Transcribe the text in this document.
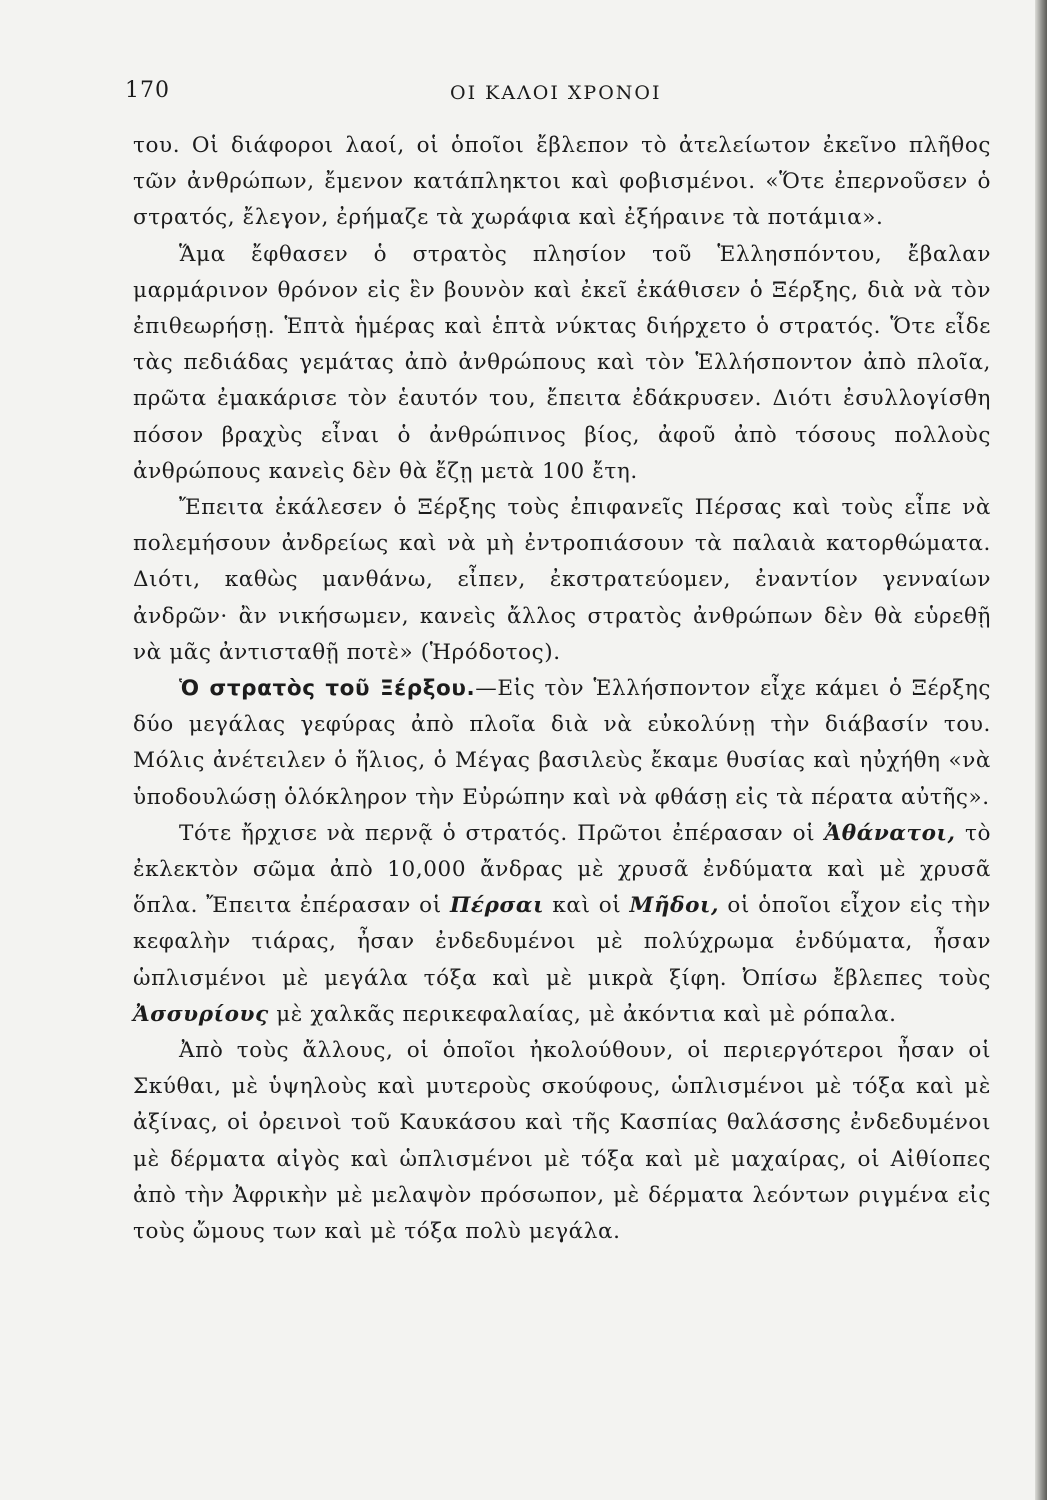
170	ΟΙ ΚΑΛΟΙ ΧΡΟΝΟΙ

του. Οἱ διάφοροι λαοί, οἱ ὁποῖοι ἔβλεπον τὸ ἀτελείωτον ἐκεῖνο πλῆθος τῶν ἀνθρώπων, ἔμενον κατάπληκτοι καὶ φοβισμένοι. «Ὅτε ἐπερνοῦσεν ὁ στρατός, ἔλεγον, ἐρήμαζε τὰ χωράφια καὶ ἐξήραινε τὰ ποτάμια».

Ἅμα ἔφθασεν ὁ στρατὸς πλησίον τοῦ Ἑλλησπόντου, ἔβαλαν μαρμάρινον θρόνον εἰς ἓν βουνὸν καὶ ἐκεῖ ἐκάθισεν ὁ Ξέρξης, διὰ νὰ τὸν ἐπιθεωρήσῃ. Ἑπτὰ ἡμέρας καὶ ἑπτὰ νύκτας διήρχετο ὁ στρατός. Ὅτε εἶδε τὰς πεδιάδας γεμάτας ἀπὸ ἀνθρώπους καὶ τὸν Ἑλλήσποντον ἀπὸ πλοῖα, πρῶτα ἐμακάρισε τὸν ἑαυτόν του, ἔπειτα ἐδάκρυσεν. Διότι ἐσυλλογίσθη πόσον βραχὺς εἶναι ὁ ἀνθρώπινος βίος, ἀφοῦ ἀπὸ τόσους πολλοὺς ἀνθρώπους κανεὶς δὲν θὰ ἔζῃ μετὰ 100 ἔτη.

Ἔπειτα ἐκάλεσεν ὁ Ξέρξης τοὺς ἐπιφανεῖς Πέρσας καὶ τοὺς εἶπε νὰ πολεμήσουν ἀνδρείως καὶ νὰ μὴ ἐντροπιάσουν τὰ παλαιὰ κατορθώματα. Διότι, καθὼς μανθάνω, εἶπεν, ἐκστρατεύομεν, ἐναντίον γενναίων ἀνδρῶν· ἂν νικήσωμεν, κανεὶς ἄλλος στρατὸς ἀνθρώπων δὲν θὰ εὑρεθῇ νὰ μᾶς ἀντισταθῇ ποτὲ» (Ἡρόδοτος).

Ὁ στρατὸς τοῦ Ξέρξου.—Εἰς τὸν Ἑλλήσποντον εἶχε κάμει ὁ Ξέρξης δύο μεγάλας γεφύρας ἀπὸ πλοῖα διὰ νὰ εὐκολύνῃ τὴν διάβασίν του. Μόλις ἀνέτειλεν ὁ ἥλιος, ὁ Μέγας βασιλεὺς ἔκαμε θυσίας καὶ ηὐχήθη «νὰ ὑποδουλώσῃ ὁλόκληρον τὴν Εὐρώπην καὶ νὰ φθάσῃ εἰς τὰ πέρατα αὐτῆς».

Τότε ἤρχισε νὰ περνᾷ ὁ στρατός. Πρῶτοι ἐπέρασαν οἱ Ἀθάνατοι, τὸ ἐκλεκτὸν σῶμα ἀπὸ 10,000 ἄνδρας μὲ χρυσᾶ ἐνδύματα καὶ μὲ χρυσᾶ ὅπλα. Ἔπειτα ἐπέρασαν οἱ Πέρσαι καὶ οἱ Μῆδοι, οἱ ὁποῖοι εἶχον εἰς τὴν κεφαλὴν τιάρας, ἦσαν ἐνδεδυμένοι μὲ πολύχρωμα ἐνδύματα, ἦσαν ὡπλισμένοι μὲ μεγάλα τόξα καὶ μὲ μικρὰ ξίφη. Ὀπίσω ἔβλεπες τοὺς Ἀσσυρίους μὲ χαλκᾶς περικεφαλαίας, μὲ ἀκόντια καὶ μὲ ρόπαλα.

Ἀπὸ τοὺς ἄλλους, οἱ ὁποῖοι ἠκολούθουν, οἱ περιεργότεροι ἦσαν οἱ Σκύθαι, μὲ ὑψηλοὺς καὶ μυτεροὺς σκούφους, ὡπλισμένοι μὲ τόξα καὶ μὲ ἀξίνας, οἱ ὀρεινοὶ τοῦ Καυκάσου καὶ τῆς Κασπίας θαλάσσης ἐνδεδυμένοι μὲ δέρματα αἰγὸς καὶ ὡπλισμένοι μὲ τόξα καὶ μὲ μαχαίρας, οἱ Αἰθίοπες ἀπὸ τὴν Ἀφρικὴν μὲ μελαψὸν πρόσωπον, μὲ δέρματα λεόντων ριγμένα εἰς τοὺς ὤμους των καὶ μὲ τόξα πολὺ μεγάλα.
